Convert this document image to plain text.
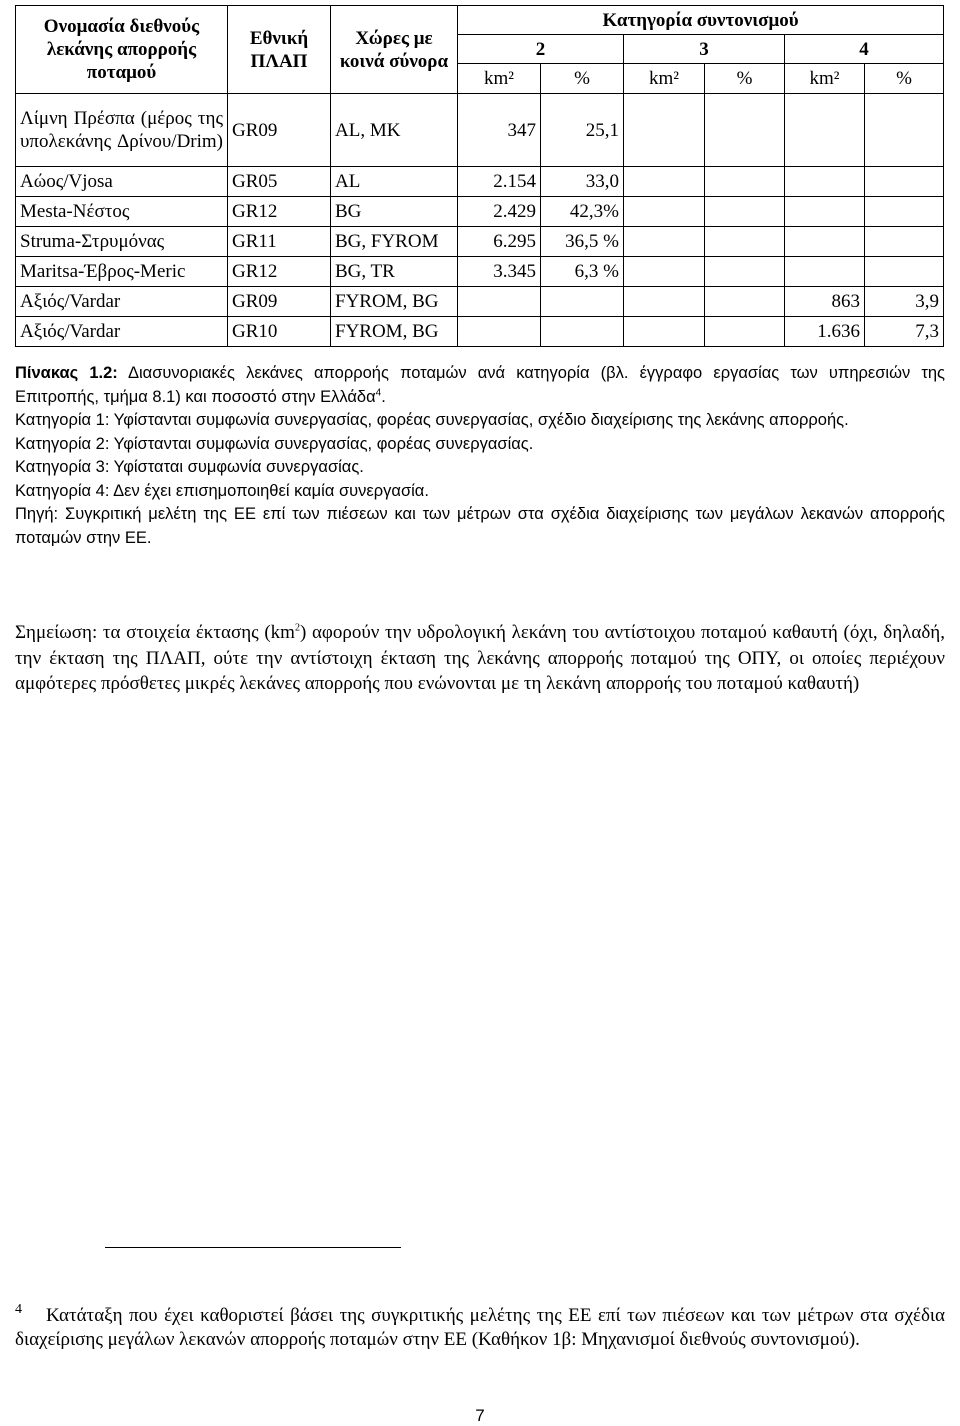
Ονομασία διεθνούς λεκάνης απορροής ποταμού	Εθνική ΠΛΑΠ	Χώρες με κοινά σύνορα	Κατηγορία συντονισμού					
			2		3		4	
			km²	%	km²	%	km²	%
Λίμνη Πρέσπα (μέρος της υπολεκάνης Δρίνου/Drim)	GR09	AL, MK	347	25,1				
Αώος/Vjosa	GR05	AL	2.154	33,0				
Mesta-Νέστος	GR12	BG	2.429	42,3%				
Struma-Στρυμόνας	GR11	BG, FYROM	6.295	36,5 %				
Maritsa-Έβρος-Meric	GR12	BG, TR	3.345	6,3 %				
Αξιός/Vardar	GR09	FYROM, BG					863	3,9
Αξιός/Vardar	GR10	FYROM, BG					1.636	7,3

Πίνακας 1.2: Διασυνοριακές λεκάνες απορροής ποταμών ανά κατηγορία (βλ. έγγραφο εργασίας των υπηρεσιών της Επιτροπής, τμήμα 8.1) και ποσοστό στην Ελλάδα$^4$.

Κατηγορία 1: Υφίστανται συμφωνία συνεργασίας, φορέας συνεργασίας, σχέδιο διαχείρισης της λεκάνης απορροής.

Κατηγορία 2: Υφίστανται συμφωνία συνεργασίας, φορέας συνεργασίας.

Κατηγορία 3: Υφίσταται συμφωνία συνεργασίας.

Κατηγορία 4: Δεν έχει επισημοποιηθεί καμία συνεργασία.

Πηγή: Συγκριτική μελέτη της ΕΕ επί των πιέσεων και των μέτρων στα σχέδια διαχείρισης των μεγάλων λεκανών απορροής ποταμών στην ΕΕ.

Σημείωση: τα στοιχεία έκτασης $(km^2)$ αφορούν την υδρολογική λεκάνη του αντίστοιχου ποταμού καθαυτή (όχι, δηλαδή, την έκταση της ΠΛΑΠ, ούτε την αντίστοιχη έκταση της λεκάνης απορροής ποταμού της ΟΠΥ, οι οποίες περιέχουν αμφότερες πρόσθετες μικρές λεκάνες απορροής που ενώνονται με τη λεκάνη απορροής του ποταμού καθαυτή)

$^4$ Κατάταξη που έχει καθοριστεί βάσει της συγκριτικής μελέτης της ΕΕ επί των πιέσεων και των μέτρων στα σχέδια διαχείρισης μεγάλων λεκανών απορροής ποταμών στην ΕΕ (Καθήκον 1β: Μηχανισμοί διεθνούς συντονισμού).
7
